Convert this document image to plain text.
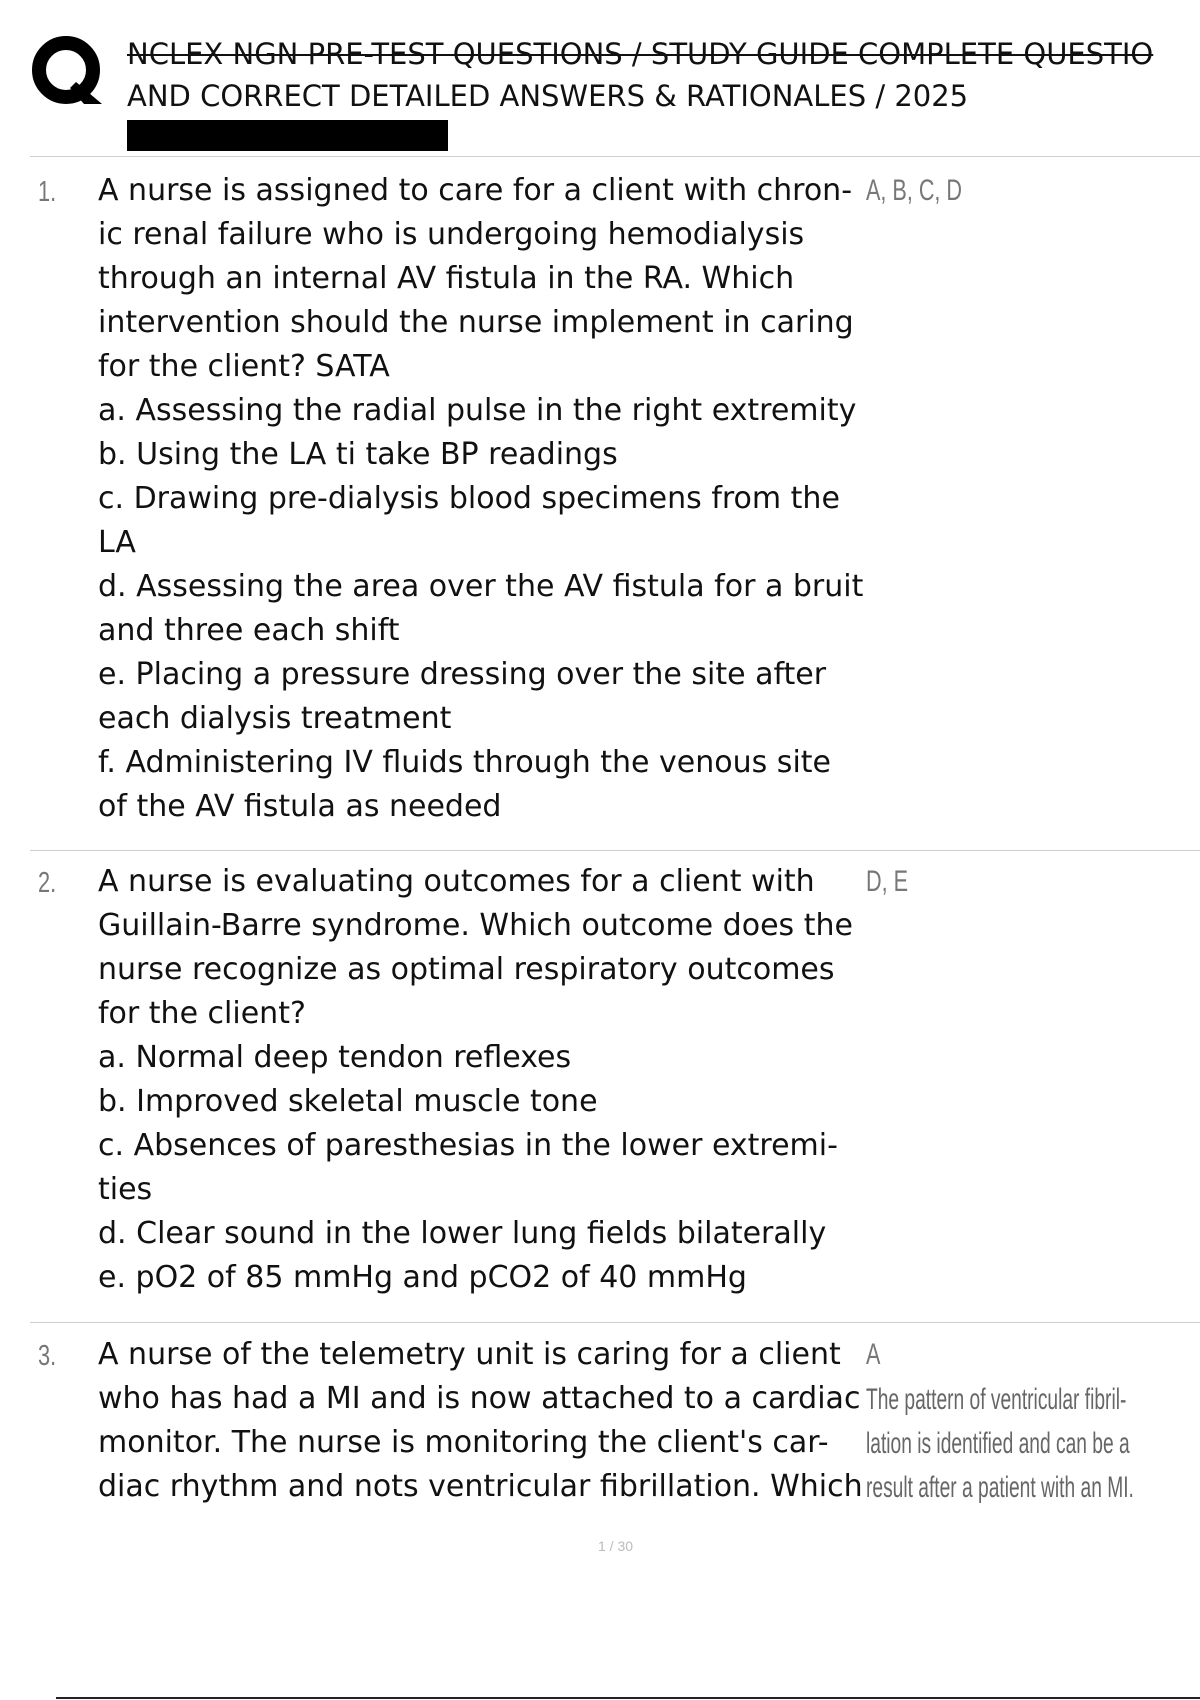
NCLEX NGN PRE-TEST QUESTIONS / STUDY GUIDE COMPLETE QUESTIO
AND CORRECT DETAILED ANSWERS & RATIONALES / 2025
1. A nurse is assigned to care for a client with chron-
ic renal failure who is undergoing hemodialysis
through an internal AV fistula in the RA. Which
intervention should the nurse implement in caring
for the client? SATA
a. Assessing the radial pulse in the right extremity
b. Using the LA ti take BP readings
c. Drawing pre-dialysis blood specimens from the
LA
d. Assessing the area over the AV fistula for a bruit
and three each shift
e. Placing a pressure dressing over the site after
each dialysis treatment
f. Administering IV fluids through the venous site
of the AV fistula as needed
A, B, C, D
2. A nurse is evaluating outcomes for a client with
Guillain-Barre syndrome. Which outcome does the
nurse recognize as optimal respiratory outcomes
for the client?
a. Normal deep tendon reflexes
b. Improved skeletal muscle tone
c. Absences of paresthesias in the lower extremi-
ties
d. Clear sound in the lower lung fields bilaterally
e. pO2 of 85 mmHg and pCO2 of 40 mmHg
D, E
3. A nurse of the telemetry unit is caring for a client
who has had a MI and is now attached to a cardiac
monitor. The nurse is monitoring the client's car-
diac rhythm and nots ventricular fibrillation. Which
A
The pattern of ventricular fibril-
lation is identified and can be a
result after a patient with an MI.
1 / 30
